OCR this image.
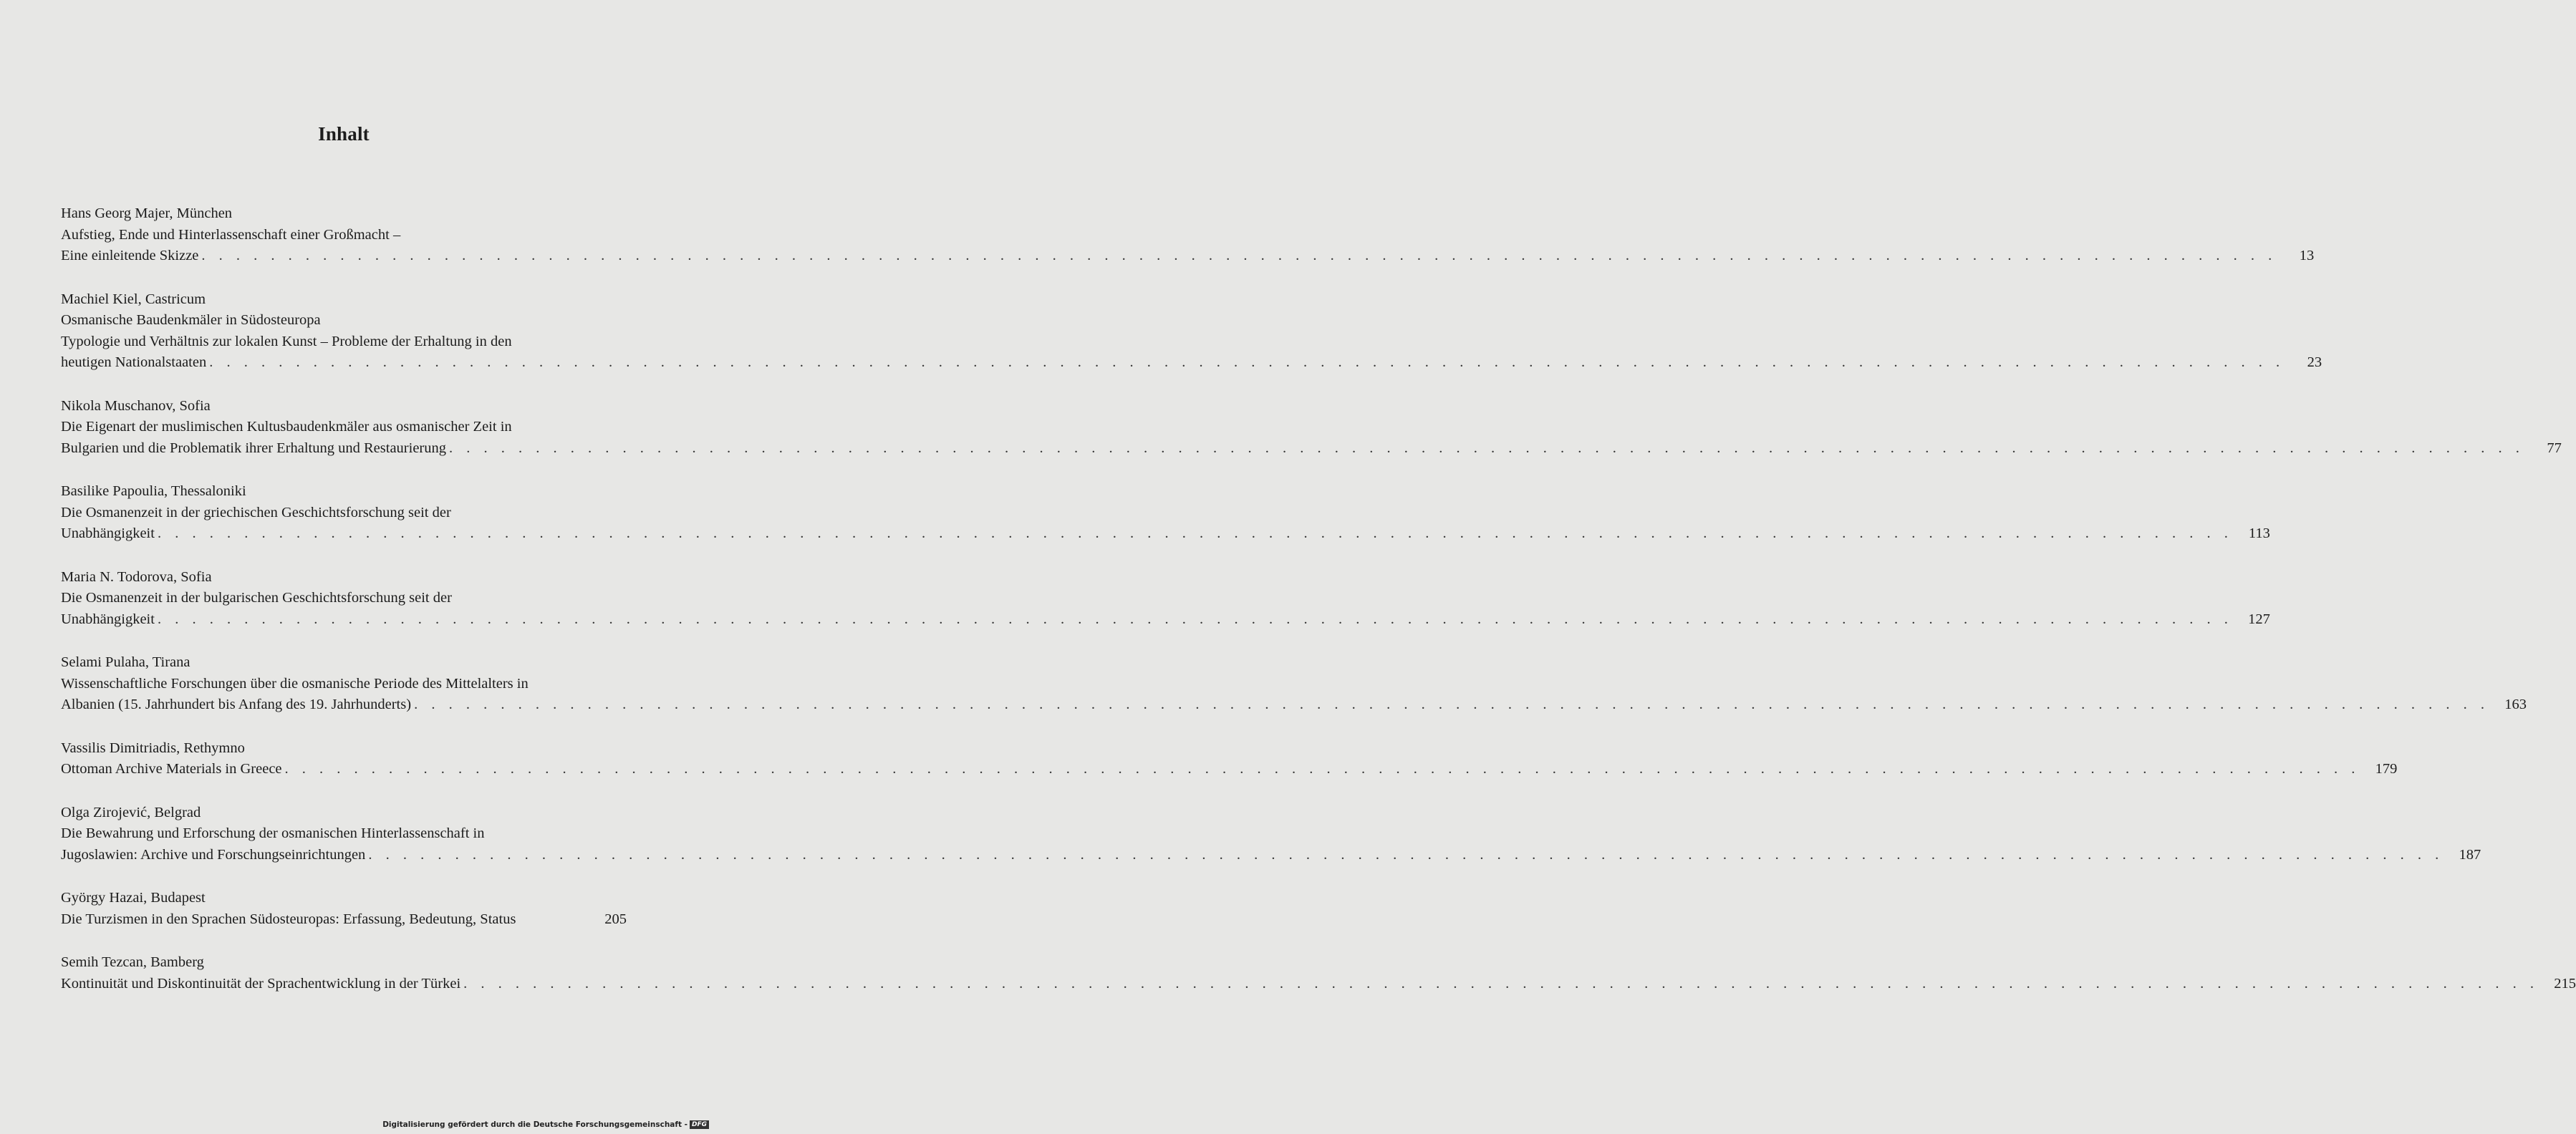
Inhalt
Hans Georg Majer, München
Aufstieg, Ende und Hinterlassenschaft einer Großmacht –
Eine einleitende Skizze . . . . . . . . . . . . . . . . . . . . . . . . . . . . . . . . . . . . . . . . . . . . . . . . . . . . . . . . . . . . . . . . . . . . . . . . . . . . . . . . . . . . . . . . . . . . . . . . . . . . . . . . . . . . . . . . . . . . . . . .	13
Machiel Kiel, Castricum
Osmanische Baudenkmäler in Südosteuropa
Typologie und Verhältnis zur lokalen Kunst – Probleme der Erhaltung in den
heutigen Nationalstaaten . . . . . . . . . . . . . . . . . . . . . . . . . . . . . . . . . . . . . . . . . . . . . . . . . . . . . . . . . . . . . . . . . . . . . . . . . . . . . . . . . . . . . . . . . . . . . . . . . . . . . . . . . . . . . . . . . . . . . . . .	23
Nikola Muschanov, Sofia
Die Eigenart der muslimischen Kultusbaudenkmäler aus osmanischer Zeit in
Bulgarien und die Problematik ihrer Erhaltung und Restaurierung . . . . . . . . . . . . . . . . . . . . . . . . . . . . . . . . . . . . . . . . . . . . . . . . . . . . . . . . . . . . . . . . . . . . . . . . . . . . . . . . . . . . . . . . . . . . . . . . . . . . . . . . . . . . . . . . . . . . . . . .	77
Basilike Papoulia, Thessaloniki
Die Osmanenzeit in der griechischen Geschichtsforschung seit der
Unabhängigkeit . . . . . . . . . . . . . . . . . . . . . . . . . . . . . . . . . . . . . . . . . . . . . . . . . . . . . . . . . . . . . . . . . . . . . . . . . . . . . . . . . . . . . . . . . . . . . . . . . . . . . . . . . . . . . . . . . . . . . . . .	113
Maria N. Todorova, Sofia
Die Osmanenzeit in der bulgarischen Geschichtsforschung seit der
Unabhängigkeit . . . . . . . . . . . . . . . . . . . . . . . . . . . . . . . . . . . . . . . . . . . . . . . . . . . . . . . . . . . . . . . . . . . . . . . . . . . . . . . . . . . . . . . . . . . . . . . . . . . . . . . . . . . . . . . . . . . . . . . .	127
Selami Pulaha, Tirana
Wissenschaftliche Forschungen über die osmanische Periode des Mittelalters in
Albanien (15. Jahrhundert bis Anfang des 19. Jahrhunderts) . . . . . . . . . . . . . . . . . . . . . . . . . . . . . . . . . . . . . . . . . . . . . . . . . . . . . . . . . . . . . . . . . . . . . . . . . . . . . . . . . . . . . . . . . . . . . . . . . . . . . . . . . . . . . . . . . . . . . . . .	163
Vassilis Dimitriadis, Rethymno
Ottoman Archive Materials in Greece . . . . . . . . . . . . . . . . . . . . . . . . . . . . . . . . . . . . . . . . . . . . . . . . . . . . . . . . . . . . . . . . . . . . . . . . . . . . . . . . . . . . . . . . . . . . . . . . . . . . . . . . . . . . . . . . . . . . . . . .	179
Olga Zirojević, Belgrad
Die Bewahrung und Erforschung der osmanischen Hinterlassenschaft in
Jugoslawien: Archive und Forschungseinrichtungen . . . . . . . . . . . . . . . . . . . . . . . . . . . . . . . . . . . . . . . . . . . . . . . . . . . . . . . . . . . . . . . . . . . . . . . . . . . . . . . . . . . . . . . . . . . . . . . . . . . . . . . . . . . . . . . . . . . . . . . .	187
György Hazai, Budapest
Die Turzismen in den Sprachen Südosteuropas: Erfassung, Bedeutung, Status	205
Semih Tezcan, Bamberg
Kontinuität und Diskontinuität der Sprachentwicklung in der Türkei . . . . . . . . . . . . . . . . . . . . . . . . . . . . . . . . . . . . . . . . . . . . . . . . . . . . . . . . . . . . . . . . . . . . . . . . . . . . . . . . . . . . . . . . . . . . . . . . . . . . . . . . . . . . . . . . . . . . . . . .	215
Digitalisierung gefördert durch die Deutsche Forschungsgemeinschaft - DFG
